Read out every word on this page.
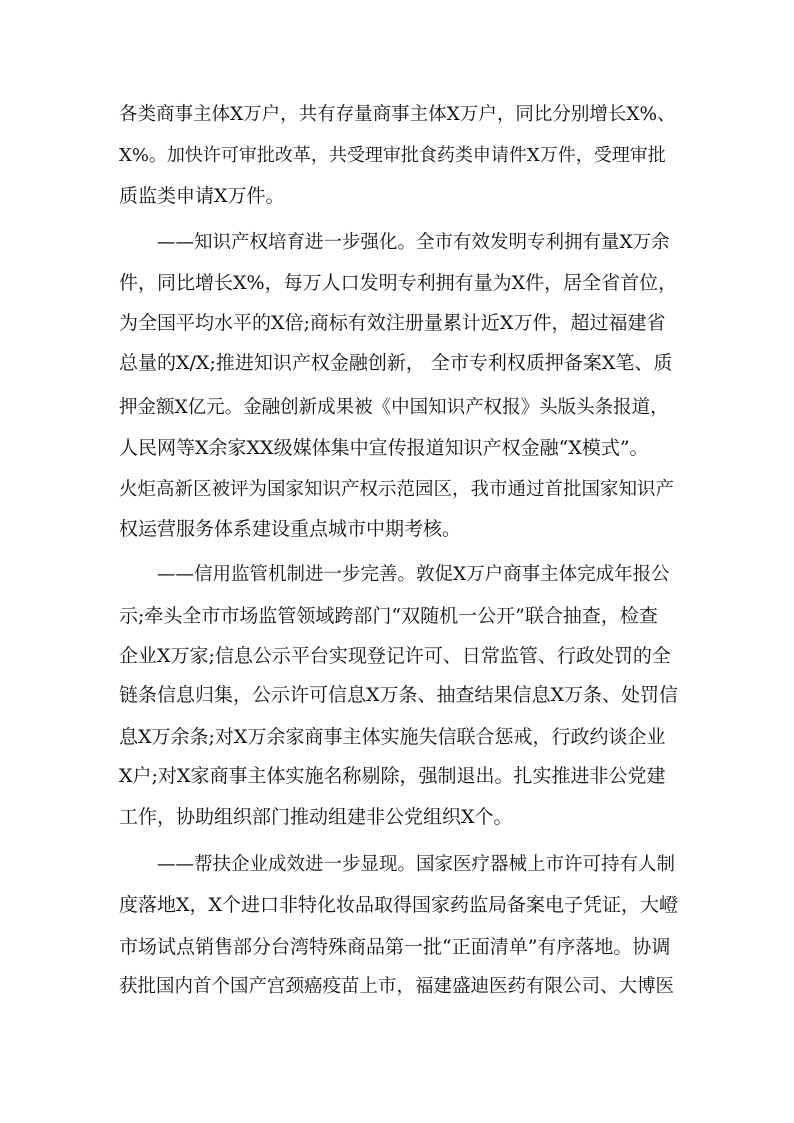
各类商事主体X万户，共有存量商事主体X万户，同比分别增长X%、
X%。加快许可审批改革，共受理审批食药类申请件X万件，受理审批
质监类申请X万件。
——知识产权培育进一步强化。全市有效发明专利拥有量X万余
件，同比增长X%，每万人口发明专利拥有量为X件，居全省首位，
为全国平均水平的X倍;商标有效注册量累计近X万件，超过福建省
总量的X/X;推进知识产权金融创新， 全市专利权质押备案X笔、质
押金额X亿元。金融创新成果被《中国知识产权报》头版头条报道，
人民网等X余家XX级媒体集中宣传报道知识产权金融“X模式”。
火炬高新区被评为国家知识产权示范园区，我市通过首批国家知识产
权运营服务体系建设重点城市中期考核。
——信用监管机制进一步完善。敦促X万户商事主体完成年报公
示;牵头全市市场监管领域跨部门“双随机一公开”联合抽查，检查
企业X万家;信息公示平台实现登记许可、日常监管、行政处罚的全
链条信息归集，公示许可信息X万条、抽查结果信息X万条、处罚信
息X万余条;对X万余家商事主体实施失信联合惩戒，行政约谈企业
X户;对X家商事主体实施名称剔除，强制退出。扎实推进非公党建
工作，协助组织部门推动组建非公党组织X个。
——帮扶企业成效进一步显现。国家医疗器械上市许可持有人制
度落地X，X个进口非特化妆品取得国家药监局备案电子凭证，大嶝
市场试点销售部分台湾特殊商品第一批“正面清单”有序落地。协调
获批国内首个国产宫颈癌疫苗上市，福建盛迪医药有限公司、大博医
